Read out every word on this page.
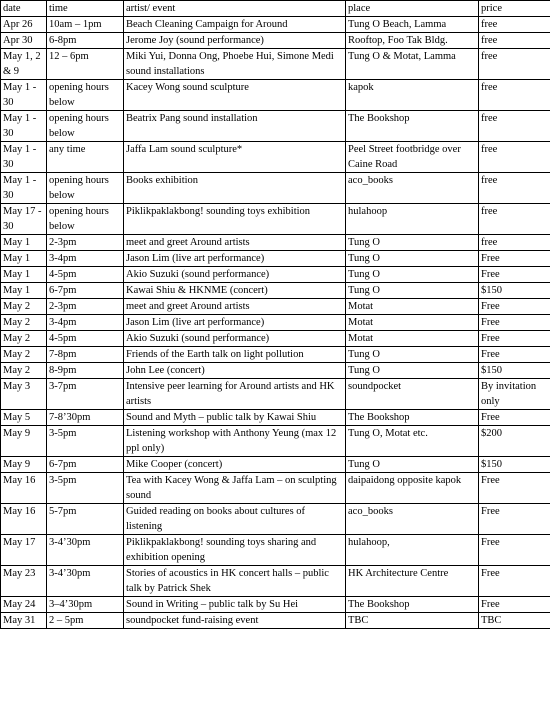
date	time	artist/ event	place	price
Apr 26	10am – 1pm	Beach Cleaning Campaign for Around	Tung O Beach, Lamma	free
Apr 30	6-8pm	Jerome Joy (sound performance)	Rooftop, Foo Tak Bldg.	free
May 1, 2 & 9	12 – 6pm	Miki Yui, Donna Ong, Phoebe Hui, Simone Medi sound installations	Tung O & Motat, Lamma	free
May 1 - 30	opening hours below	Kacey Wong sound sculpture	kapok	free
May 1 - 30	opening hours below	Beatrix Pang sound installation	The Bookshop	free
May 1 - 30	any time	Jaffa Lam sound sculpture*	Peel Street footbridge over Caine Road	free
May 1 - 30	opening hours below	Books exhibition	aco_books	free
May 17 - 30	opening hours below	Piklikpaklakbong! sounding toys exhibition	hulahoop	free
May 1	2-3pm	meet and greet Around artists	Tung O	free
May 1	3-4pm	Jason Lim (live art performance)	Tung O	Free
May 1	4-5pm	Akio Suzuki (sound performance)	Tung O	Free
May 1	6-7pm	Kawai Shiu & HKNME (concert)	Tung O	$150
May 2	2-3pm	meet and greet Around artists	Motat	Free
May 2	3-4pm	Jason Lim (live art performance)	Motat	Free
May 2	4-5pm	Akio Suzuki (sound performance)	Motat	Free
May 2	7-8pm	Friends of the Earth talk on light pollution	Tung O	Free
May 2	8-9pm	John Lee (concert)	Tung O	$150
May 3	3-7pm	Intensive peer learning for Around artists and HK artists	soundpocket	By invitation only
May 5	7-8’30pm	Sound and Myth – public talk by Kawai Shiu	The Bookshop	Free
May 9	3-5pm	Listening workshop with Anthony Yeung (max 12 ppl only)	Tung O, Motat etc.	$200
May 9	6-7pm	Mike Cooper (concert)	Tung O	$150
May 16	3-5pm	Tea with Kacey Wong & Jaffa Lam – on sculpting sound	daipaidong opposite kapok	Free
May 16	5-7pm	Guided reading on books about cultures of listening	aco_books	Free
May 17	3-4’30pm	Piklikpaklakbong! sounding toys sharing and exhibition opening	hulahoop,	Free
May 23	3-4’30pm	Stories of acoustics in HK concert halls – public talk by Patrick Shek	HK Architecture Centre	Free
May 24	3–4’30pm	Sound in Writing – public talk by Su Hei	The Bookshop	Free
May 31	2 – 5pm	soundpocket fund-raising event	TBC	TBC
